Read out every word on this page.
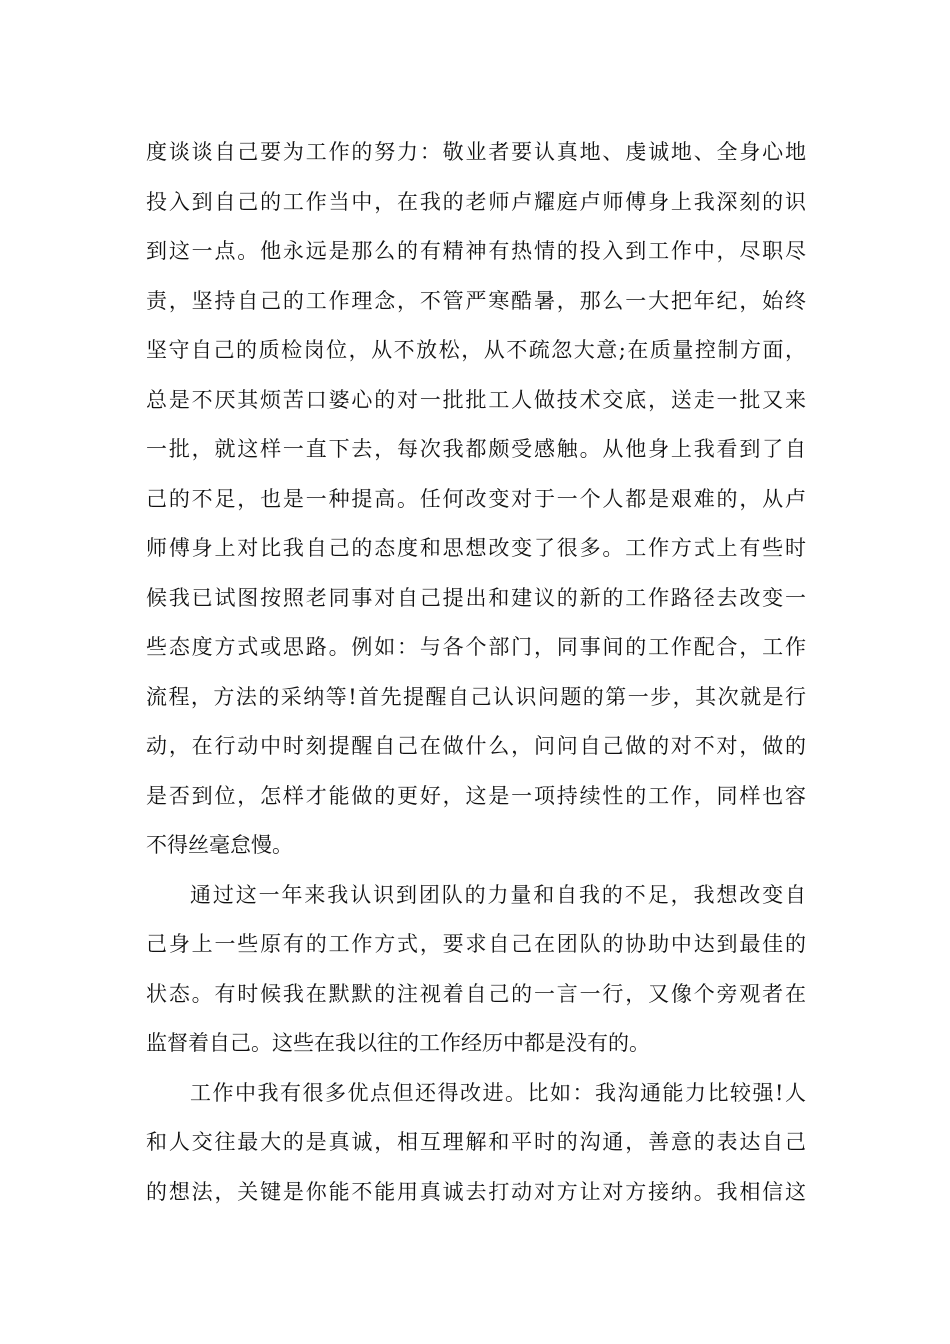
度谈谈自己要为工作的努力：敬业者要认真地、虔诚地、全身心地
投入到自己的工作当中，在我的老师卢耀庭卢师傅身上我深刻的识
到这一点。他永远是那么的有精神有热情的投入到工作中，尽职尽
责，坚持自己的工作理念，不管严寒酷暑，那么一大把年纪，始终
坚守自己的质检岗位，从不放松，从不疏忽大意;在质量控制方面，
总是不厌其烦苦口婆心的对一批批工人做技术交底，送走一批又来
一批，就这样一直下去，每次我都颇受感触。从他身上我看到了自
己的不足，也是一种提高。任何改变对于一个人都是艰难的，从卢
师傅身上对比我自己的态度和思想改变了很多。工作方式上有些时
候我已试图按照老同事对自己提出和建议的新的工作路径去改变一
些态度方式或思路。例如：与各个部门，同事间的工作配合，工作
流程，方法的采纳等!首先提醒自己认识问题的第一步，其次就是行
动，在行动中时刻提醒自己在做什么，问问自己做的对不对，做的
是否到位，怎样才能做的更好，这是一项持续性的工作，同样也容
不得丝毫怠慢。
通过这一年来我认识到团队的力量和自我的不足，我想改变自
己身上一些原有的工作方式，要求自己在团队的协助中达到最佳的
状态。有时候我在默默的注视着自己的一言一行，又像个旁观者在
监督着自己。这些在我以往的工作经历中都是没有的。
工作中我有很多优点但还得改进。比如：我沟通能力比较强!人
和人交往最大的是真诚，相互理解和平时的沟通，善意的表达自己
的想法，关键是你能不能用真诚去打动对方让对方接纳。我相信这
